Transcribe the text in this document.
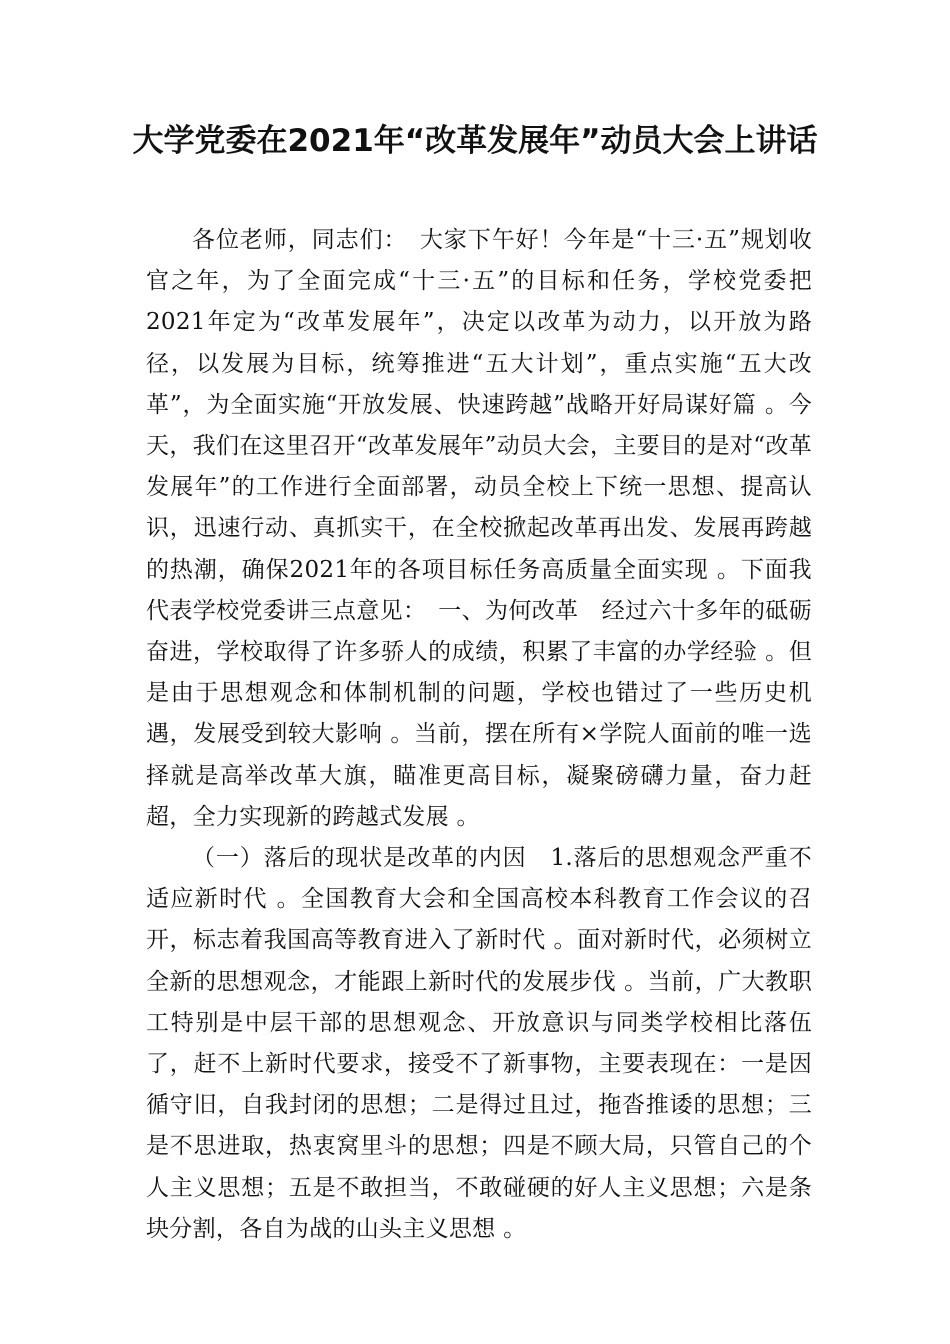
大学党委在2021年“改革发展年”动员大会上讲话

各位老师，同志们：　大家下午好！今年是“十三·五”规划收官之年，为了全面完成“十三·五”的目标和任务，学校党委把2021年定为“改革发展年”，决定以改革为动力，以开放为路径，以发展为目标，统筹推进“五大计划”，重点实施“五大改革”，为全面实施“开放发展、快速跨越”战略开好局谋好篇 。今天，我们在这里召开“改革发展年”动员大会，主要目的是对“改革发展年”的工作进行全面部署，动员全校上下统一思想、提高认识，迅速行动、真抓实干，在全校掀起改革再出发、发展再跨越的热潮，确保2021年的各项目标任务高质量全面实现 。下面我代表学校党委讲三点意见：　一、为何改革　经过六十多年的砥砺奋进，学校取得了许多骄人的成绩，积累了丰富的办学经验 。但是由于思想观念和体制机制的问题，学校也错过了一些历史机遇，发展受到较大影响 。当前，摆在所有×学院人面前的唯一选择就是高举改革大旗，瞄准更高目标，凝聚磅礴力量，奋力赶超，全力实现新的跨越式发展 。

（一）落后的现状是改革的内因　1.落后的思想观念严重不适应新时代 。全国教育大会和全国高校本科教育工作会议的召开，标志着我国高等教育进入了新时代 。面对新时代，必须树立全新的思想观念，才能跟上新时代的发展步伐 。当前，广大教职工特别是中层干部的思想观念、开放意识与同类学校相比落伍了，赶不上新时代要求，接受不了新事物，主要表现在：一是因循守旧，自我封闭的思想；二是得过且过，拖沓推诿的思想；三是不思进取，热衷窝里斗的思想；四是不顾大局，只管自己的个人主义思想；五是不敢担当，不敢碰硬的好人主义思想；六是条块分割，各自为战的山头主义思想 。
